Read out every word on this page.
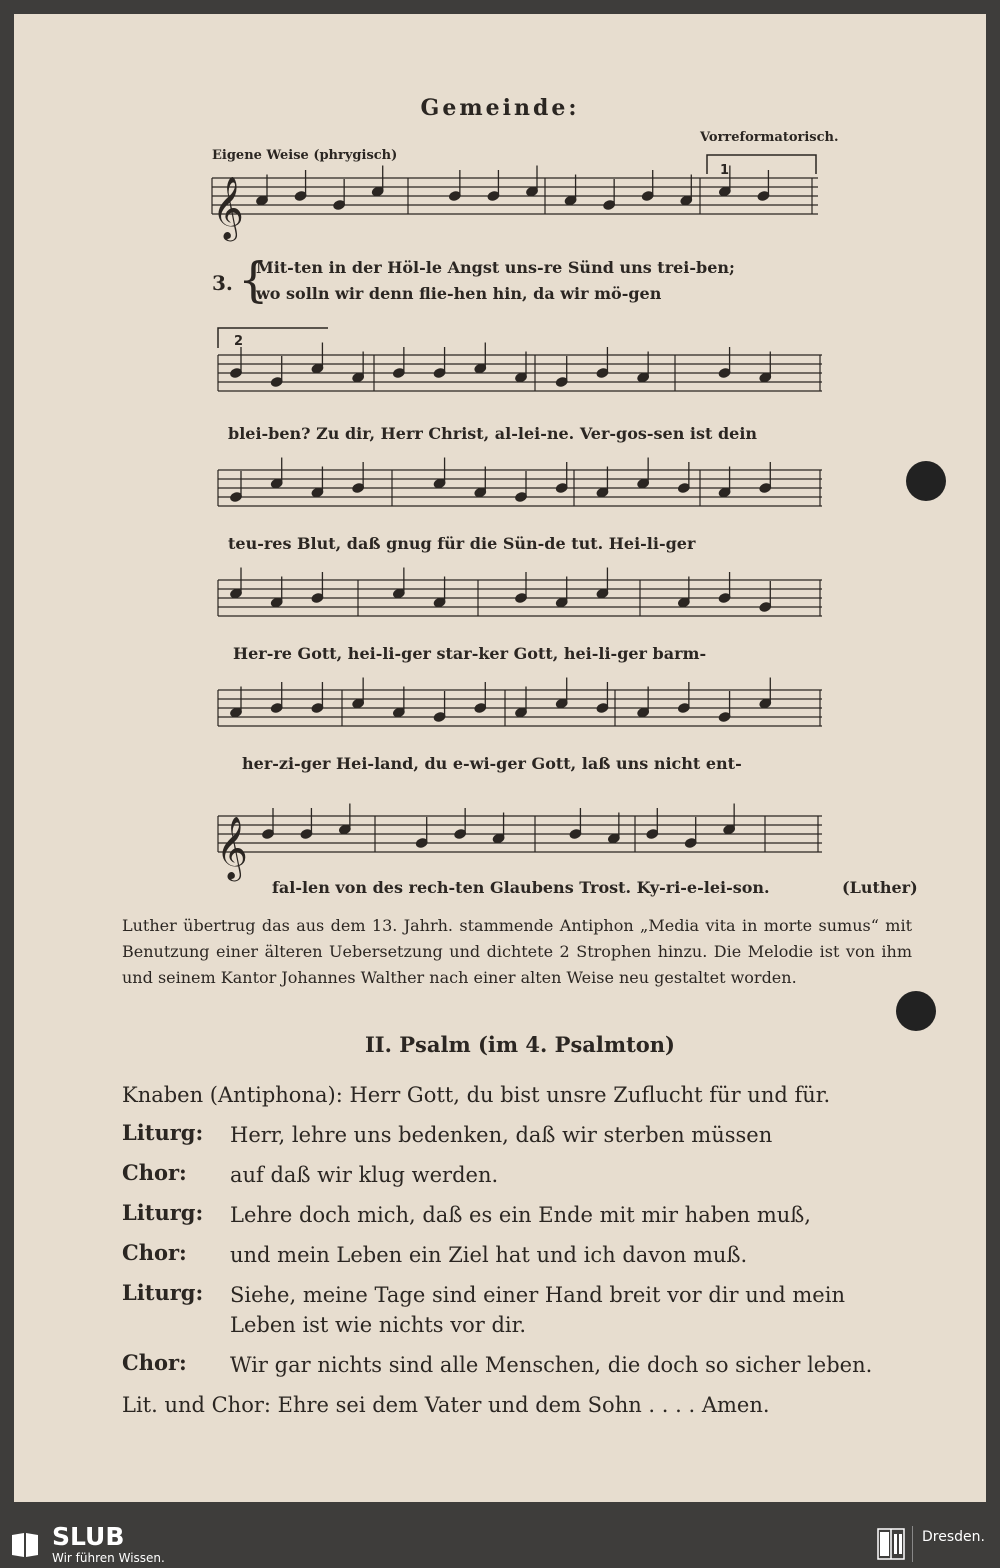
Gemeinde:
Eigene Weise (phrygisch)
Vorreformatorisch.
1
2
𝄞
𝄞
3. {
Mit-ten in der Höl-le Angst uns-re Sünd uns trei-ben;
wo solln wir denn flie-hen hin, da wir mö-gen
blei-ben? Zu dir, Herr Christ, al-lei-ne. Ver-gos-sen ist dein
teu-res Blut, daß gnug für die Sün-de tut. Hei-li-ger
Her-re Gott, hei-li-ger star-ker Gott, hei-li-ger barm-
her-zi-ger Hei-land, du e-wi-ger Gott, laß uns nicht ent-
fal-len von des rech-ten Glaubens Trost. Ky-ri-e-lei-son.	(Luther)
Luther übertrug das aus dem 13. Jahrh. stammende Antiphon „Media vita in morte sumus“ mit Benutzung einer älteren Uebersetzung und dichtete 2 Strophen hinzu. Die Melodie ist von ihm und seinem Kantor Johannes Walther nach einer alten Weise neu gestaltet worden.
II. Psalm (im 4. Psalmton)
Knaben (Antiphona): Herr Gott, du bist unsre Zuflucht für und für.
Liturg: Herr, lehre uns bedenken, daß wir sterben müssen
Chor: auf daß wir klug werden.
Liturg: Lehre doch mich, daß es ein Ende mit mir haben muß,
Chor: und mein Leben ein Ziel hat und ich davon muß.
Liturg: Siehe, meine Tage sind einer Hand breit vor dir und mein Leben ist wie nichts vor dir.
Chor: Wir gar nichts sind alle Menschen, die doch so sicher leben.
Lit. und Chor: Ehre sei dem Vater und dem Sohn . . . . Amen.
SLUB
Wir führen Wissen.
Dresden.
